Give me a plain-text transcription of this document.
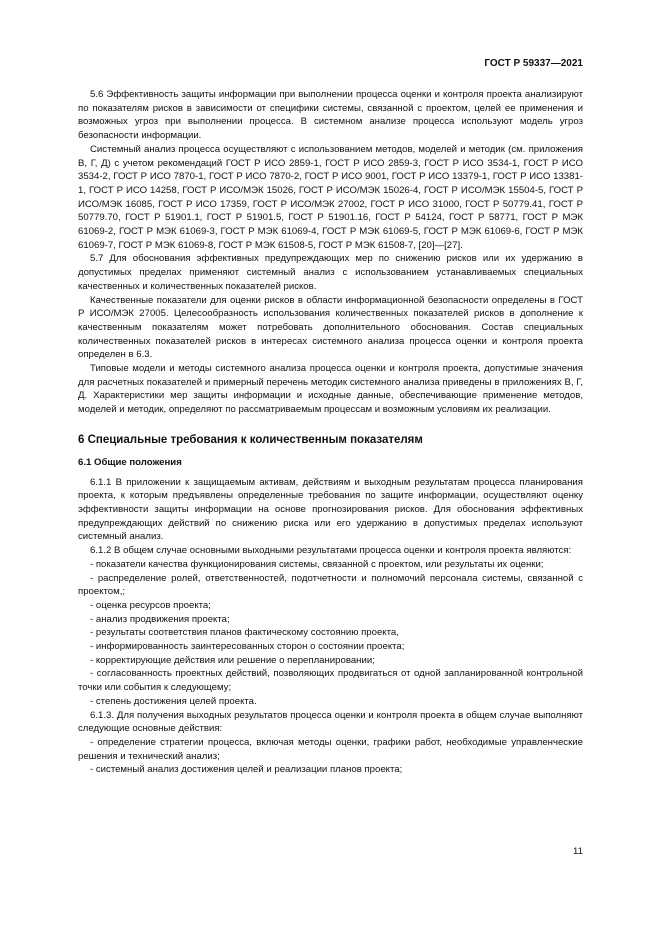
ГОСТ Р 59337—2021

5.6 Эффективность защиты информации при выполнении процесса оценки и контроля проекта анализируют по показателям рисков в зависимости от специфики системы, связанной с проектом, целей ее применения и возможных угроз при выполнении процесса. В системном анализе процесса используют модель угроз безопасности информации.

Системный анализ процесса осуществляют с использованием методов, моделей и методик (см. приложения В, Г, Д) с учетом рекомендаций ГОСТ Р ИСО 2859-1, ГОСТ Р ИСО 2859-3, ГОСТ Р ИСО 3534-1, ГОСТ Р ИСО 3534-2, ГОСТ Р ИСО 7870-1, ГОСТ Р ИСО 7870-2, ГОСТ Р ИСО 9001, ГОСТ Р ИСО 13379-1, ГОСТ Р ИСО 13381-1, ГОСТ Р ИСО 14258, ГОСТ Р ИСО/МЭК 15026, ГОСТ Р ИСО/МЭК 15026-4, ГОСТ Р ИСО/МЭК 15504-5, ГОСТ Р ИСО/МЭК 16085, ГОСТ Р ИСО 17359, ГОСТ Р ИСО/МЭК 27002, ГОСТ Р ИСО 31000, ГОСТ Р 50779.41, ГОСТ Р 50779.70, ГОСТ Р 51901.1, ГОСТ Р 51901.5, ГОСТ Р 51901.16, ГОСТ Р 54124, ГОСТ Р 58771, ГОСТ Р МЭК 61069-2, ГОСТ Р МЭК 61069-3, ГОСТ Р МЭК 61069-4, ГОСТ Р МЭК 61069-5, ГОСТ Р МЭК 61069-6, ГОСТ Р МЭК 61069-7, ГОСТ Р МЭК 61069-8, ГОСТ Р МЭК 61508-5, ГОСТ Р МЭК 61508-7, [20]—[27].

5.7 Для обоснования эффективных предупреждающих мер по снижению рисков или их удержанию в допустимых пределах применяют системный анализ с использованием устанавливаемых специальных качественных и количественных показателей рисков.

Качественные показатели для оценки рисков в области информационной безопасности определены в ГОСТ Р ИСО/МЭК 27005. Целесообразность использования количественных показателей рисков в дополнение к качественным показателям может потребовать дополнительного обоснования. Состав специальных количественных показателей рисков в интересах системного анализа процесса оценки и контроля проекта определен в 6.3.

Типовые модели и методы системного анализа процесса оценки и контроля проекта, допустимые значения для расчетных показателей и примерный перечень методик системного анализа приведены в приложениях В, Г, Д. Характеристики мер защиты информации и исходные данные, обеспечивающие применение методов, моделей и методик, определяют по рассматриваемым процессам и возможным условиям их реализации.

6 Специальные требования к количественным показателям

6.1 Общие положения

6.1.1 В приложении к защищаемым активам, действиям и выходным результатам процесса планирования проекта, к которым предъявлены определенные требования по защите информации, осуществляют оценку эффективности защиты информации на основе прогнозирования рисков. Для обоснования эффективных предупреждающих действий по снижению риска или его удержанию в допустимых пределах используют системный анализ.

6.1.2 В общем случае основными выходными результатами процесса оценки и контроля проекта являются:

- показатели качества функционирования системы, связанной с проектом, или результаты их оценки;

- распределение ролей, ответственностей, подотчетности и полномочий персонала системы, связанной с проектом,;

- оценка ресурсов проекта;

- анализ продвижения проекта;

- результаты соответствия планов фактическому состоянию проекта,

- информированность заинтересованных сторон о состоянии проекта;

- корректирующие действия или решение о перепланировании;

- согласованность проектных действий, позволяющих продвигаться от одной запланированной контрольной точки или события к следующему;

- степень достижения целей проекта.

6.1.3. Для получения выходных результатов процесса оценки и контроля проекта в общем случае выполняют следующие основные действия:

- определение стратегии процесса, включая методы оценки, графики работ, необходимые управленческие решения и технический анализ;

- системный анализ достижения целей и реализации планов проекта;

11
